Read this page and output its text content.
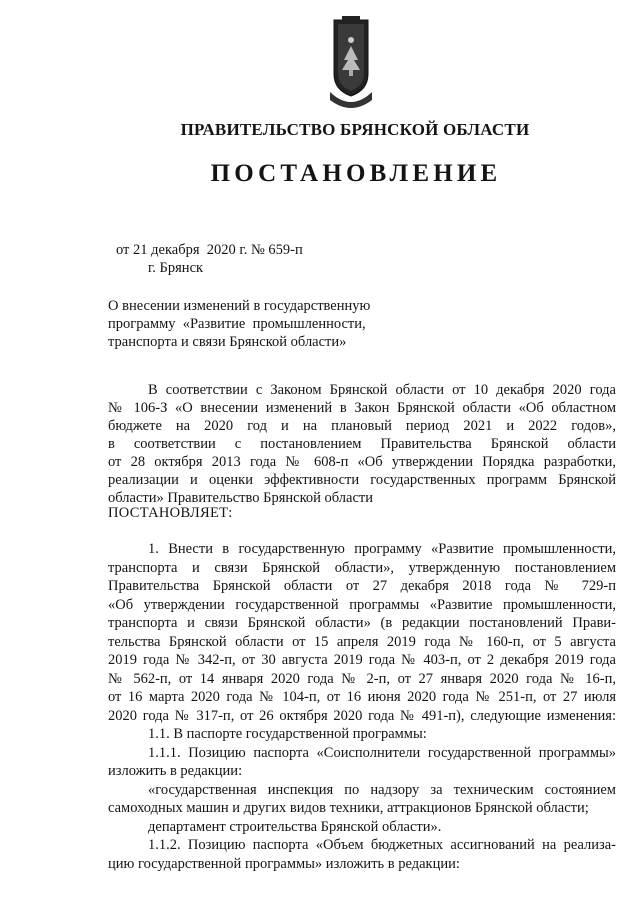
ПРАВИТЕЛЬСТВО БРЯНСКОЙ ОБЛАСТИ
ПОСТАНОВЛЕНИЕ
от 21 декабря  2020 г. № 659-п
г. Брянск
О внесении изменений в государственную
программу  «Развитие  промышленности,
транспорта и связи Брянской области»
В соответствии с Законом Брянской области от 10 декабря 2020 года
№ 106-З «О внесении изменений в Закон Брянской области «Об областном
бюджете на 2020 год и на плановый период 2021 и 2022 годов»,
в соответствии с постановлением Правительства Брянской области
от 28 октября 2013 года № 608-п «Об утверждении Порядка разработки,
реализации и оценки эффективности государственных программ Брянской
области» Правительство Брянской области
ПОСТАНОВЛЯЕТ:
1. Внести в государственную программу «Развитие промышленности,
транспорта и связи Брянской области», утвержденную постановлением
Правительства Брянской области от 27 декабря 2018 года № 729-п
«Об утверждении государственной программы «Развитие промышленности,
транспорта и связи Брянской области» (в редакции постановлений Прави-
тельства Брянской области от 15 апреля 2019 года № 160-п, от 5 августа
2019 года № 342-п, от 30 августа 2019 года № 403-п, от 2 декабря 2019 года
№ 562-п, от 14 января 2020 года № 2-п, от 27 января 2020 года № 16-п,
от 16 марта 2020 года № 104-п, от 16 июня 2020 года № 251-п, от 27 июля
2020 года № 317-п, от 26 октября 2020 года № 491-п), следующие изменения:
1.1. В паспорте государственной программы:
1.1.1. Позицию паспорта «Соисполнители государственной программы»
изложить в редакции:
«государственная инспекция по надзору за техническим состоянием
самоходных машин и других видов техники, аттракционов Брянской области;
департамент строительства Брянской области».
1.1.2. Позицию паспорта «Объем бюджетных ассигнований на реализа-
цию государственной программы» изложить в редакции:
